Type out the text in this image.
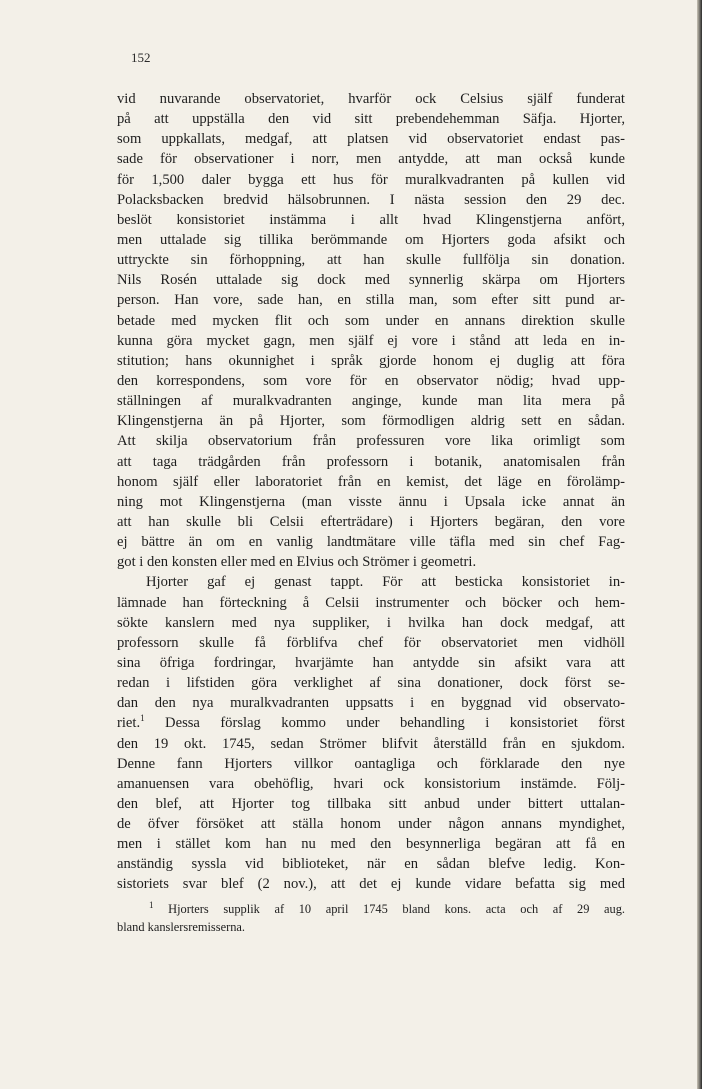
152
vid nuvarande observatoriet, hvarför ock Celsius själf funderat
på att uppställa den vid sitt prebendehemman Säfja. Hjorter,
som uppkallats, medgaf, att platsen vid observatoriet endast pas-
sade för observationer i norr, men antydde, att man också kunde
för 1,500 daler bygga ett hus för muralkvadranten på kullen vid
Polacksbacken bredvid hälsobrunnen. I nästa session den 29 dec.
beslöt konsistoriet instämma i allt hvad Klingenstjerna anfört,
men uttalade sig tillika berömmande om Hjorters goda afsikt och
uttryckte sin förhoppning, att han skulle fullfölja sin donation.
Nils Rosén uttalade sig dock med synnerlig skärpa om Hjorters
person. Han vore, sade han, en stilla man, som efter sitt pund ar-
betade med mycken flit och som under en annans direktion skulle
kunna göra mycket gagn, men själf ej vore i stånd att leda en in-
stitution; hans okunnighet i språk gjorde honom ej duglig att föra
den korrespondens, som vore för en observator nödig; hvad upp-
ställningen af muralkvadranten anginge, kunde man lita mera på
Klingenstjerna än på Hjorter, som förmodligen aldrig sett en sådan.
Att skilja observatorium från professuren vore lika orimligt som
att taga trädgården från professorn i botanik, anatomisalen från
honom själf eller laboratoriet från en kemist, det läge en förolämp-
ning mot Klingenstjerna (man visste ännu i Upsala icke annat än
att han skulle bli Celsii efterträdare) i Hjorters begäran, den vore
ej bättre än om en vanlig landtmätare ville täfla med sin chef Fag-
got i den konsten eller med en Elvius och Strömer i geometri.
Hjorter gaf ej genast tappt. För att besticka konsistoriet in-
lämnade han förteckning å Celsii instrumenter och böcker och hem-
sökte kanslern med nya suppliker, i hvilka han dock medgaf, att
professorn skulle få förblifva chef för observatoriet men vidhöll
sina öfriga fordringar, hvarjämte han antydde sin afsikt vara att
redan i lifstiden göra verklighet af sina donationer, dock först se-
dan den nya muralkvadranten uppsatts i en byggnad vid observato-
riet.$^1$ Dessa förslag kommo under behandling i konsistoriet först
den 19 okt. 1745, sedan Strömer blifvit återställd från en sjukdom.
Denne fann Hjorters villkor oantagliga och förklarade den nye
amanuensen vara obehöflig, hvari ock konsistorium instämde. Följ-
den blef, att Hjorter tog tillbaka sitt anbud under bittert uttalan-
de öfver försöket att ställa honom under någon annans myndighet,
men i stället kom han nu med den besynnerliga begäran att få en
anständig syssla vid biblioteket, när en sådan blefve ledig. Kon-
sistoriets svar blef (2 nov.), att det ej kunde vidare befatta sig med
$^1$ Hjorters supplik af 10 april 1745 bland kons. acta och af 29 aug.
bland kanslersremisserna.
